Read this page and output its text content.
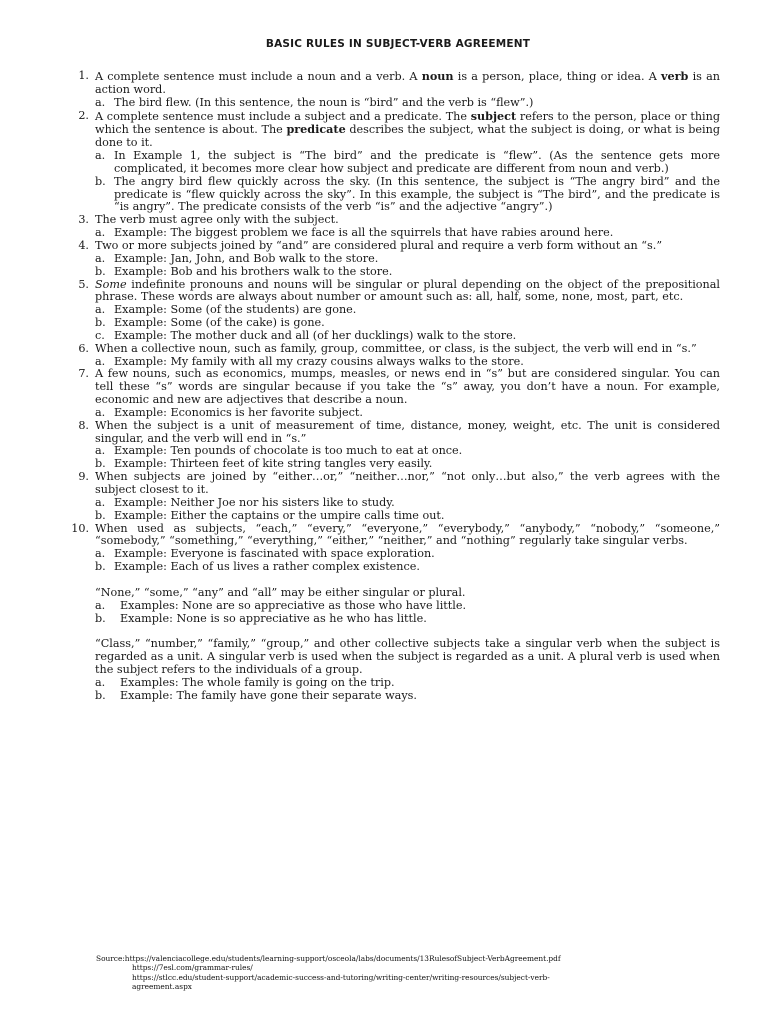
BASIC RULES IN SUBJECT-VERB AGREEMENT
1. A complete sentence must include a noun and a verb. A noun is a person, place, thing or idea. A verb is an action word.
a. The bird flew. (In this sentence, the noun is “bird” and the verb is “flew”.)
2. A complete sentence must include a subject and a predicate. The subject refers to the person, place or thing which the sentence is about. The predicate describes the subject, what the subject is doing, or what is being done to it.
a. In Example 1, the subject is “The bird” and the predicate is “flew”. (As the sentence gets more complicated, it becomes more clear how subject and predicate are different from noun and verb.)
b. The angry bird flew quickly across the sky. (In this sentence, the subject is “The angry bird” and the predicate is “flew quickly across the sky”. In this example, the subject is “The bird”, and the predicate is “is angry”. The predicate consists of the verb “is” and the adjective “angry”.)
3. The verb must agree only with the subject.
a. Example: The biggest problem we face is all the squirrels that have rabies around here.
4. Two or more subjects joined by “and” are considered plural and require a verb form without an “s.”
a. Example: Jan, John, and Bob walk to the store.
b. Example: Bob and his brothers walk to the store.
5. Some indefinite pronouns and nouns will be singular or plural depending on the object of the prepositional phrase. These words are always about number or amount such as: all, half, some, none, most, part, etc.
a. Example: Some (of the students) are gone.
b. Example: Some (of the cake) is gone.
c. Example: The mother duck and all (of her ducklings) walk to the store.
6. When a collective noun, such as family, group, committee, or class, is the subject, the verb will end in “s.”
a. Example: My family with all my crazy cousins always walks to the store.
7. A few nouns, such as economics, mumps, measles, or news end in “s” but are considered singular. You can tell these “s” words are singular because if you take the “s” away, you don’t have a noun. For example, economic and new are adjectives that describe a noun.
a. Example: Economics is her favorite subject.
8. When the subject is a unit of measurement of time, distance, money, weight, etc. The unit is considered singular, and the verb will end in “s.”
a. Example: Ten pounds of chocolate is too much to eat at once.
b. Example: Thirteen feet of kite string tangles very easily.
9. When subjects are joined by “either…or,” “neither…nor,” “not only…but also,” the verb agrees with the subject closest to it.
a. Example: Neither Joe nor his sisters like to study.
b. Example: Either the captains or the umpire calls time out.
10. When used as subjects, “each,” “every,” “everyone,” “everybody,” “anybody,” “nobody,” “someone,” “somebody,” “something,” “everything,” “either,” “neither,” and “nothing” regularly take singular verbs.
a. Example: Everyone is fascinated with space exploration.
b. Example: Each of us lives a rather complex existence.
“None,” “some,” “any” and “all” may be either singular or plural.
a.	Examples: None are so appreciative as those who have little.
b.	Example: None is so appreciative as he who has little.
“Class,” “number,” “family,” “group,” and other collective subjects take a singular verb when the subject is regarded as a unit. A singular verb is used when the subject is regarded as a unit. A plural verb is used when the subject refers to the individuals of a group.
a.	Examples: The whole family is going on the trip.
b.	Example: The family have gone their separate ways.
Source:https://valenciacollege.edu/students/learning-support/osceola/labs/documents/13RulesofSubject-VerbAgreement.pdf
https://7esl.com/grammar-rules/
https://stlcc.edu/student-support/academic-success-and-tutoring/writing-center/writing-resources/subject-verb-
agreement.aspx
